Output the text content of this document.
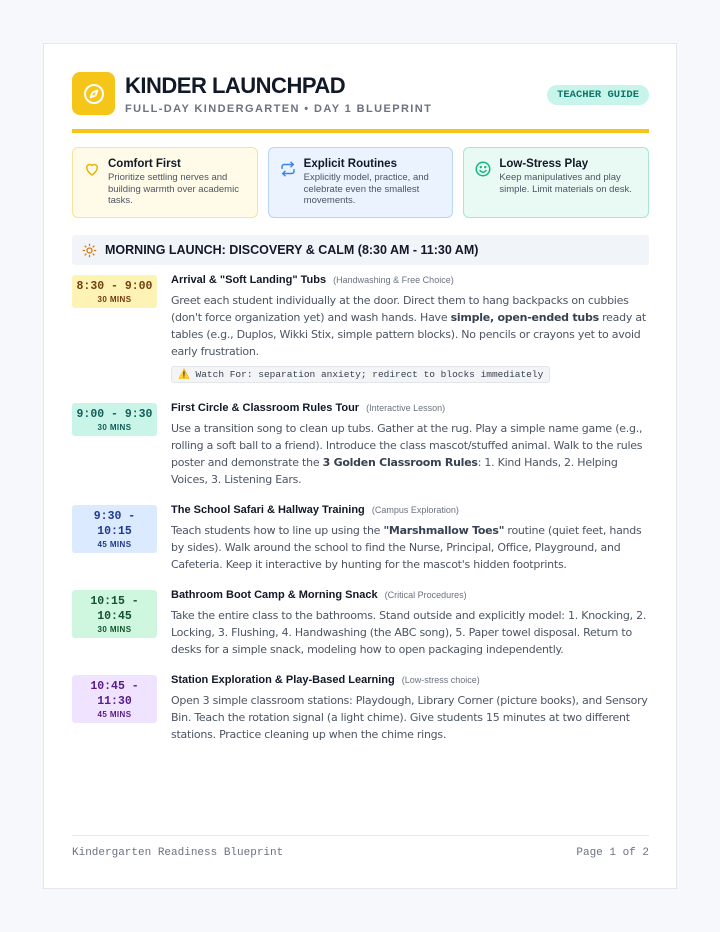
KINDER LAUNCHPAD
FULL-DAY KINDERGARTEN • DAY 1 BLUEPRINT
TEACHER GUIDE
Comfort First
Prioritize settling nerves and building warmth over academic tasks.
Explicit Routines
Explicitly model, practice, and celebrate even the smallest movements.
Low-Stress Play
Keep manipulatives and play simple. Limit materials on desk.
MORNING LAUNCH: DISCOVERY & CALM (8:30 AM - 11:30 AM)
8:30 - 9:00
30 MINS
Arrival & "Soft Landing" Tubs (Handwashing & Free Choice)
Greet each student individually at the door. Direct them to hang backpacks on cubbies (don't force organization yet) and wash hands. Have simple, open-ended tubs ready at tables (e.g., Duplos, Wikki Stix, simple pattern blocks). No pencils or crayons yet to avoid early frustration.
⚠️ Watch For: separation anxiety; redirect to blocks immediately
9:00 - 9:30
30 MINS
First Circle & Classroom Rules Tour (Interactive Lesson)
Use a transition song to clean up tubs. Gather at the rug. Play a simple name game (e.g., rolling a soft ball to a friend). Introduce the class mascot/stuffed animal. Walk to the rules poster and demonstrate the 3 Golden Classroom Rules: 1. Kind Hands, 2. Helping Voices, 3. Listening Ears.
9:30 - 10:15
45 MINS
The School Safari & Hallway Training (Campus Exploration)
Teach students how to line up using the "Marshmallow Toes" routine (quiet feet, hands by sides). Walk around the school to find the Nurse, Principal, Office, Playground, and Cafeteria. Keep it interactive by hunting for the mascot's hidden footprints.
10:15 - 10:45
30 MINS
Bathroom Boot Camp & Morning Snack (Critical Procedures)
Take the entire class to the bathrooms. Stand outside and explicitly model: 1. Knocking, 2. Locking, 3. Flushing, 4. Handwashing (the ABC song), 5. Paper towel disposal. Return to desks for a simple snack, modeling how to open packaging independently.
10:45 - 11:30
45 MINS
Station Exploration & Play-Based Learning (Low-stress choice)
Open 3 simple classroom stations: Playdough, Library Corner (picture books), and Sensory Bin. Teach the rotation signal (a light chime). Give students 15 minutes at two different stations. Practice cleaning up when the chime rings.
Kindergarten Readiness Blueprint	Page 1 of 2
